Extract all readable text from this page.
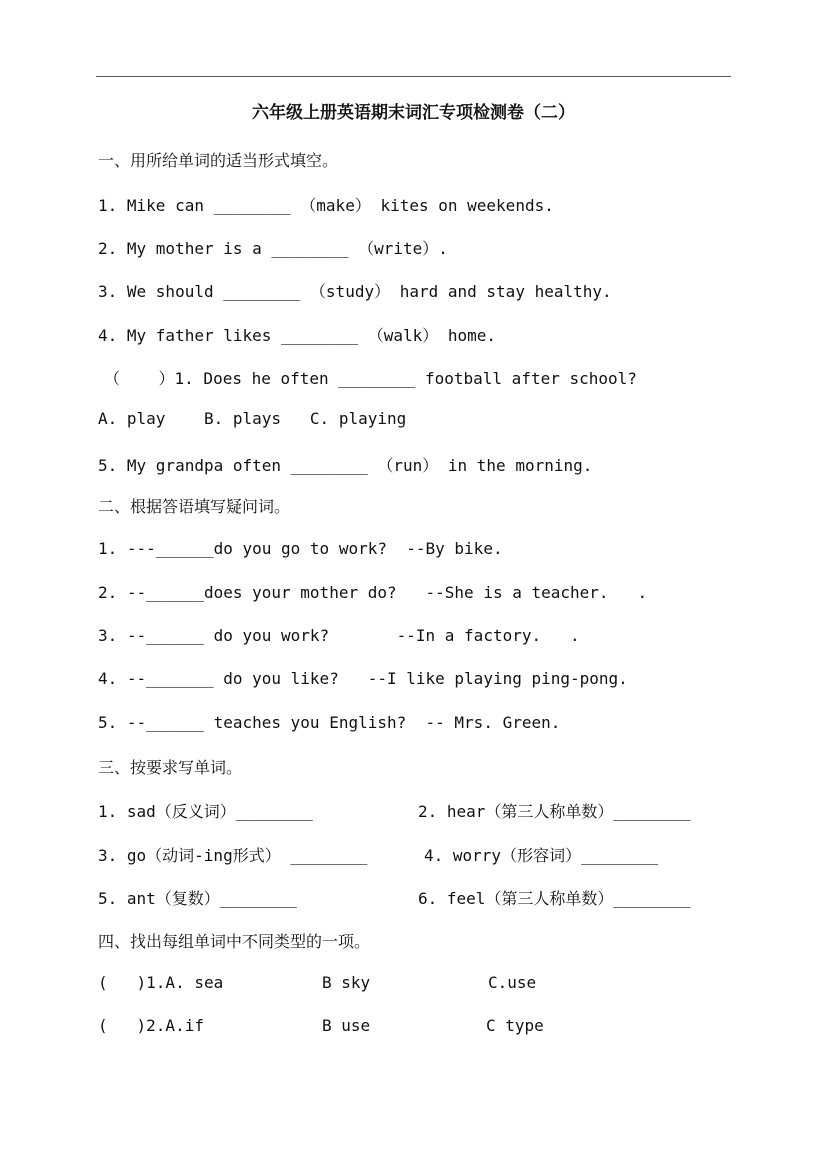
六年级上册英语期末词汇专项检测卷（二）
一、用所给单词的适当形式填空。
1. Mike can ________ （make） kites on weekends.
2. My mother is a ________ （write）.
3. We should ________ （study） hard and stay healthy.
4. My father likes ________ （walk） home.
（    ）1. Does he often ________ football after school?
A. play    B. plays   C. playing
5. My grandpa often ________ （run） in the morning.
二、根据答语填写疑问词。
1. ---______do you go to work?  --By bike.
2. --______does your mother do?   --She is a teacher.   .
3. --______ do you work?       --In a factory.   .
4. --_______ do you like?   --I like playing ping-pong.
5. --______ teaches you English?  -- Mrs. Green.
三、按要求写单词。
1. sad（反义词）________	2. hear（第三人称单数）________
3. go（动词-ing形式） ________	4. worry（形容词）________
5. ant（复数）________	6. feel（第三人称单数）________
四、找出每组单词中不同类型的一项。
(   )1.A. sea	B sky	C.use
(   )2.A.if	B use	C type
